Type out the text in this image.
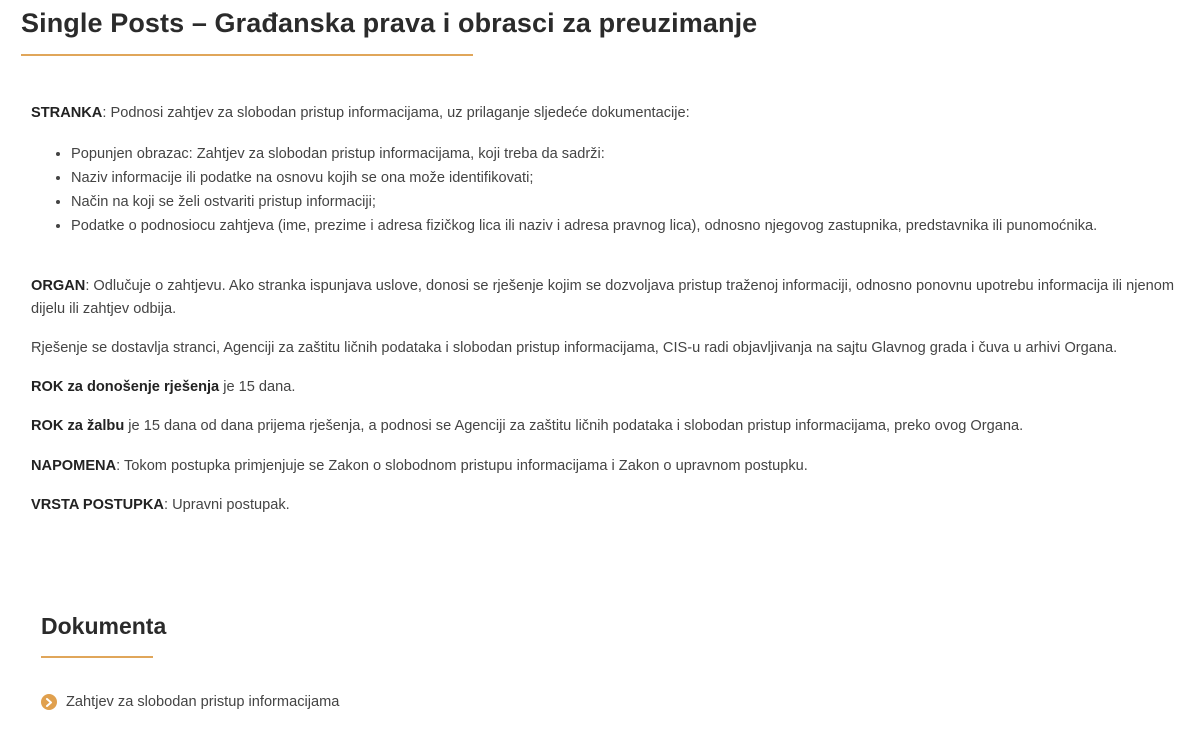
Single Posts – Građanska prava i obrasci za preuzimanje

STRANKA: Podnosi zahtjev za slobodan pristup informacijama, uz prilaganje sljedeće dokumentacije:

• Popunjen obrazac: Zahtjev za slobodan pristup informacijama, koji treba da sadrži:
• Naziv informacije ili podatke na osnovu kojih se ona može identifikovati;
• Način na koji se želi ostvariti pristup informaciji;
• Podatke o podnosiocu zahtjeva (ime, prezime i adresa fizičkog lica ili naziv i adresa pravnog lica), odnosno njegovog zastupnika, predstavnika ili punomoćnika.

ORGAN: Odlučuje o zahtjevu. Ako stranka ispunjava uslove, donosi se rješenje kojim se dozvoljava pristup traženoj informaciji, odnosno ponovnu upotrebu informacija ili njenom dijelu ili zahtjev odbija.

Rješenje se dostavlja stranci, Agenciji za zaštitu ličnih podataka i slobodan pristup informacijama, CIS-u radi objavljivanja na sajtu Glavnog grada i čuva u arhivi Organa.

ROK za donošenje rješenja je 15 dana.

ROK za žalbu je 15 dana od dana prijema rješenja, a podnosi se Agenciji za zaštitu ličnih podataka i slobodan pristup informacijama, preko ovog Organa.

NAPOMENA: Tokom postupka primjenjuje se Zakon o slobodnom pristupu informacijama i Zakon o upravnom postupku.

VRSTA POSTUPKA: Upravni postupak.

Dokumenta
Zahtjev za slobodan pristup informacijama
